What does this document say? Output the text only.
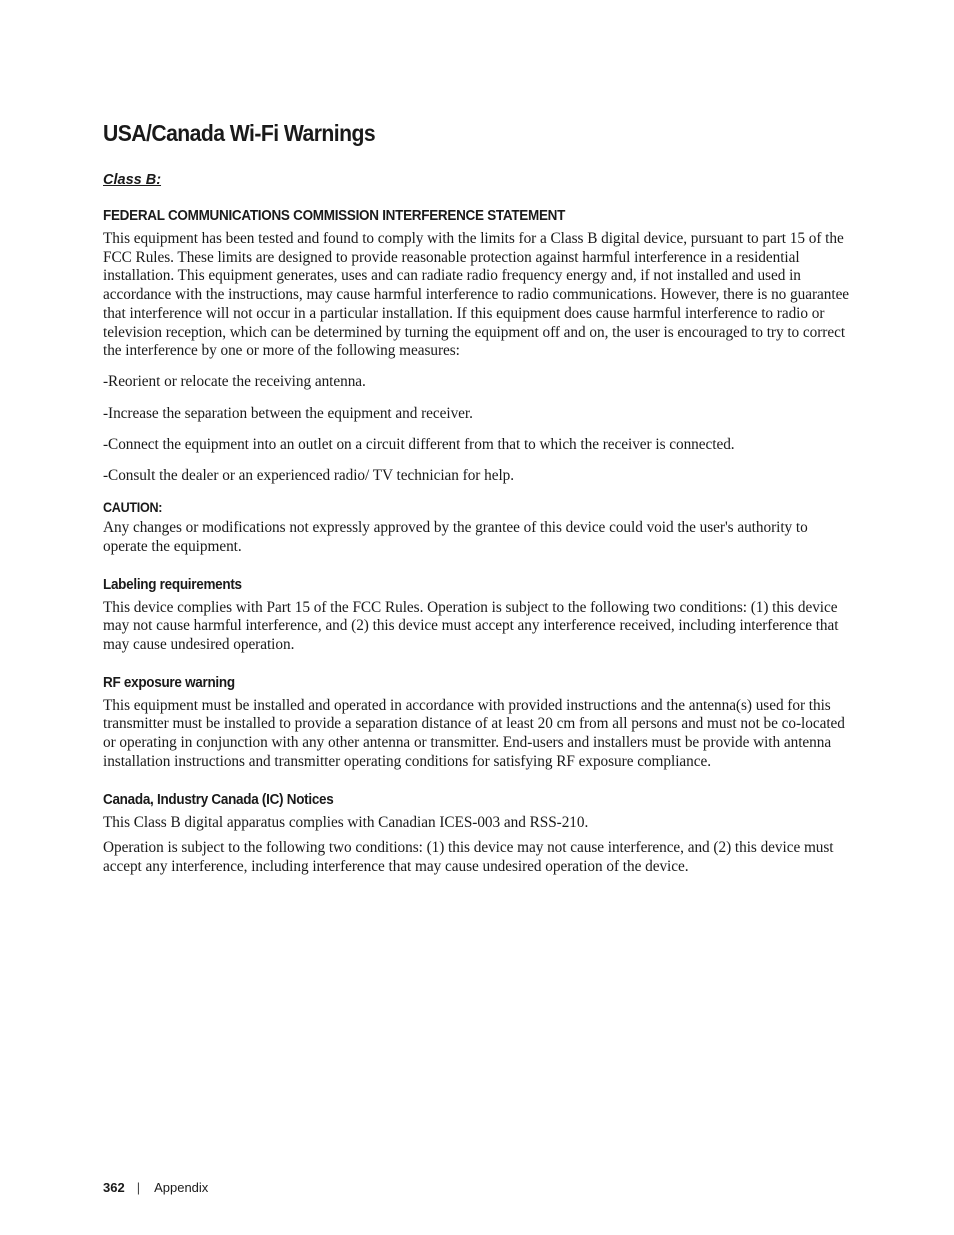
USA/Canada Wi-Fi Warnings
Class B:
FEDERAL COMMUNICATIONS COMMISSION INTERFERENCE STATEMENT

This equipment has been tested and found to comply with the limits for a Class B digital device, pursuant to part 15 of the FCC Rules. These limits are designed to provide reasonable protection against harmful interference in a residential installation. This equipment generates, uses and can radiate radio frequency energy and, if not installed and used in accordance with the instructions, may cause harmful interference to radio communications. However, there is no guarantee that interference will not occur in a particular installation. If this equipment does cause harmful interference to radio or television reception, which can be determined by turning the equipment off and on, the user is encouraged to try to correct the interference by one or more of the following measures:

-Reorient or relocate the receiving antenna.

-Increase the separation between the equipment and receiver.

-Connect the equipment into an outlet on a circuit different from that to which the receiver is connected.

-Consult the dealer or an experienced radio/ TV technician for help.

CAUTION:

Any changes or modifications not expressly approved by the grantee of this device could void the user's authority to operate the equipment.

Labeling requirements

This device complies with Part 15 of the FCC Rules. Operation is subject to the following two conditions: (1) this device may not cause harmful interference, and (2) this device must accept any interference received, including interference that may cause undesired operation.

RF exposure warning

This equipment must be installed and operated in accordance with provided instructions and the antenna(s) used for this transmitter must be installed to provide a separation distance of at least 20 cm from all persons and must not be co-located or operating in conjunction with any other antenna or transmitter. End-users and installers must be provide with antenna installation instructions and transmitter operating conditions for satisfying RF exposure compliance.

Canada, Industry Canada (IC) Notices

This Class B digital apparatus complies with Canadian ICES-003 and RSS-210.

Operation is subject to the following two conditions: (1) this device may not cause interference, and (2) this device must accept any interference, including interference that may cause undesired operation of the device.

362 | Appendix
